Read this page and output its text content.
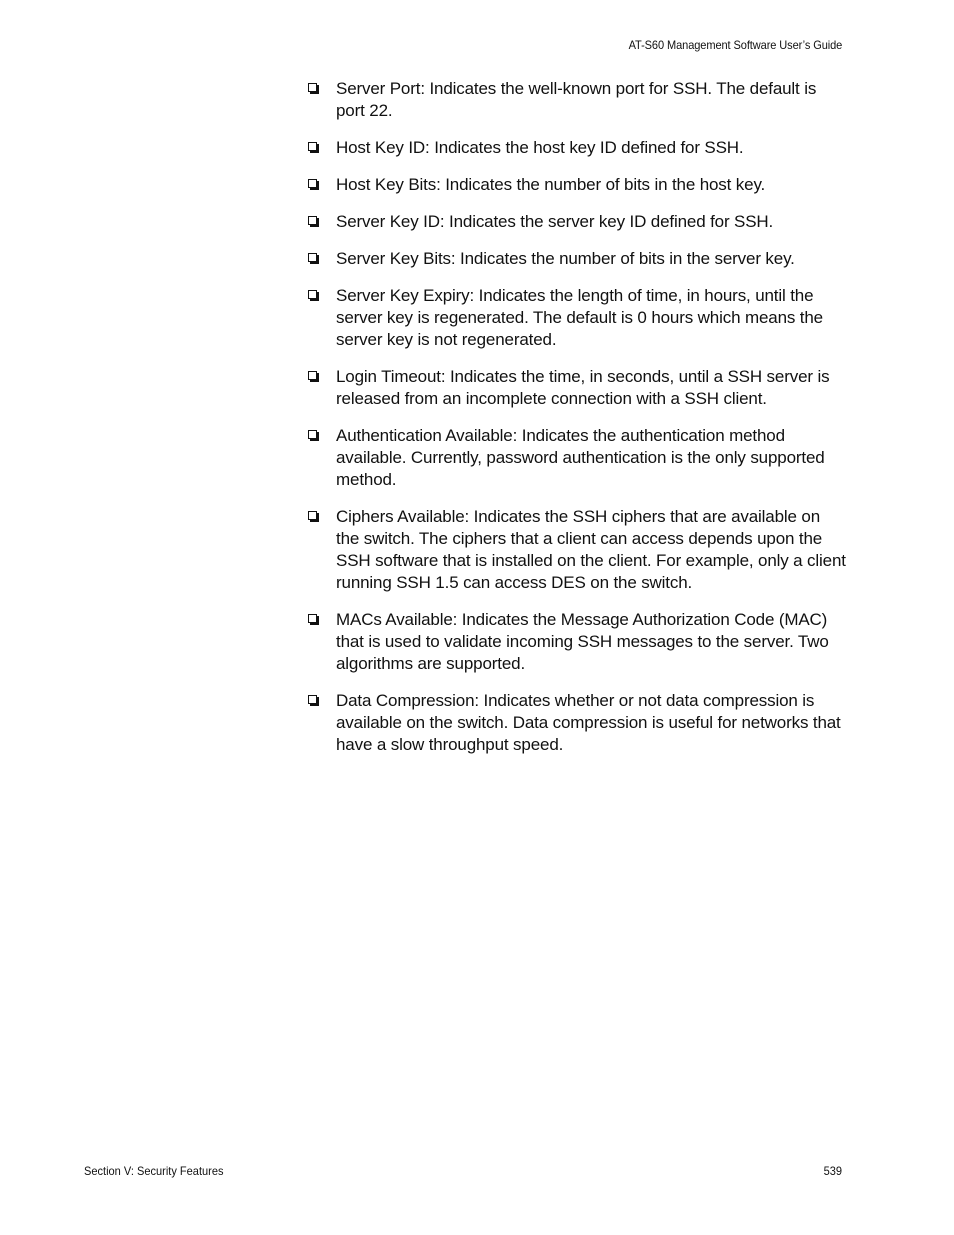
AT-S60 Management Software User’s Guide
Server Port: Indicates the well-known port for SSH. The default is port 22.
Host Key ID: Indicates the host key ID defined for SSH.
Host Key Bits: Indicates the number of bits in the host key.
Server Key ID: Indicates the server key ID defined for SSH.
Server Key Bits: Indicates the number of bits in the server key.
Server Key Expiry: Indicates the length of time, in hours, until the server key is regenerated. The default is 0 hours which means the server key is not regenerated.
Login Timeout: Indicates the time, in seconds, until a SSH server is released from an incomplete connection with a SSH client.
Authentication Available: Indicates the authentication method available. Currently, password authentication is the only supported method.
Ciphers Available: Indicates the SSH ciphers that are available on the switch. The ciphers that a client can access depends upon the SSH software that is installed on the client. For example, only a client running SSH 1.5 can access DES on the switch.
MACs Available: Indicates the Message Authorization Code (MAC) that is used to validate incoming SSH messages to the server. Two algorithms are supported.
Data Compression: Indicates whether or not data compression is available on the switch. Data compression is useful for networks that have a slow throughput speed.
Section V: Security Features	539
